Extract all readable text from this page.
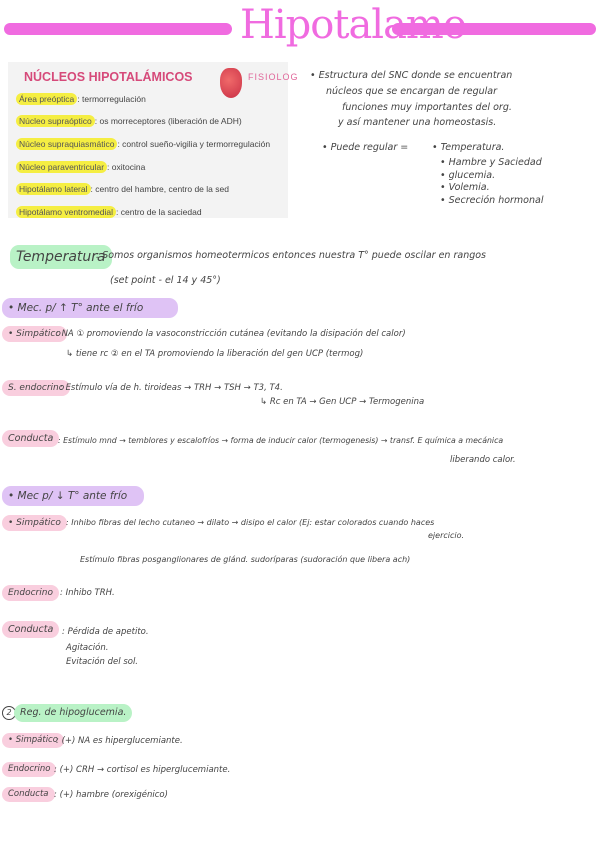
Hipotalamo
NÚCLEOS HIPOTALÁMICOS	FISIOLOG
Área preóptica : termorregulación
Núcleo supraóptico : os morreceptores (liberación de ADH)
Núcleo supraquiasmático : control sueño-vigilia y termorregulación
Núcleo paraventricular : oxitocina
Hipotálamo lateral : centro del hambre, centro de la sed
Hipotálamo ventromedial : centro de la saciedad
• Estructura del SNC donde se encuentran
núcleos que se encargan de regular
funciones muy importantes del org.
y así mantener una homeostasis.
• Puede regular = • Temperatura.
• Hambre y Saciedad
• glucemia.
• Volemia.
• Secreción hormonal
Temperatura
: Somos organismos homeotermicos entonces nuestra T° puede oscilar en rangos
(set point - el 14 y 45°)
• Mec. p/ ↑ T° ante el frío
• Simpático
: NA ① promoviendo la vasoconstricción cutánea (evitando la disipación del calor)
↳ tiene rc ② en el TA promoviendo la liberación del gen UCP (termog)
S. endocrino
: Estímulo vía de h. tiroideas → TRH → TSH → T3, T4.
↳ Rc en TA → Gen UCP → Termogenina
Conducta : Estímulo mnd → temblores y escalofríos → forma de inducir calor (termogenesis) → transf. E química a mecánica
liberando calor.
• Mec p/ ↓ T° ante frío
• Simpático : Inhibo fibras del lecho cutaneo → dilato → disipo el calor (Ej: estar colorados cuando haces
ejercicio.
Estímulo fibras posganglionares de glánd. sudoríparas (sudoración que libera ach)
Endocrino : Inhibo TRH.
Conducta	: Pérdida de apetito.
Agitación.
Evitación del sol.
2 Reg. de hipoglucemia.
• Simpático
: (+) NA es hiperglucemiante.
Endocrino : (+) CRH → cortisol es hiperglucemiante.
Conducta : (+) hambre (orexigénico)
